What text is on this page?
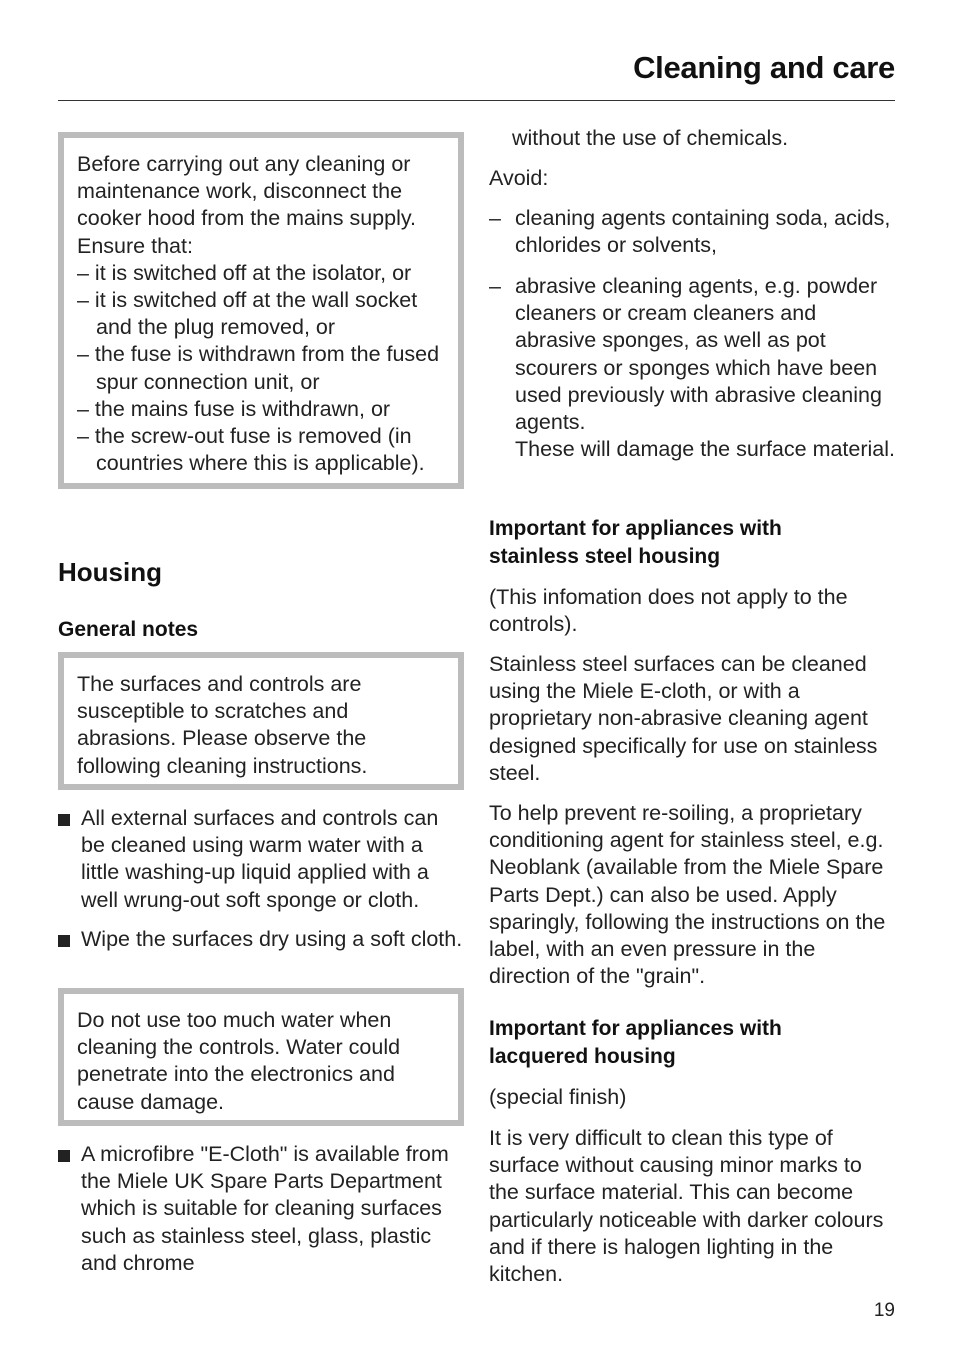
Cleaning and care
Before carrying out any cleaning or maintenance work, disconnect the cooker hood from the mains supply.
Ensure that:
– it is switched off at the isolator, or
– it is switched off at the wall socket and the plug removed, or
– the fuse is withdrawn from the fused spur connection unit, or
– the mains fuse is withdrawn, or
– the screw-out fuse is removed (in countries where this is applicable).
Housing
General notes
The surfaces and controls are susceptible to scratches and abrasions. Please observe the following cleaning instructions.
All external surfaces and controls can be cleaned using warm water with a little washing-up liquid applied with a well wrung-out soft sponge or cloth.
Wipe the surfaces dry using a soft cloth.
Do not use too much water when cleaning the controls. Water could penetrate into the electronics and cause damage.
A microfibre "E-Cloth" is available from the Miele UK Spare Parts Department which is suitable for cleaning surfaces such as stainless steel, glass, plastic and chrome
without the use of chemicals.
Avoid:
– cleaning agents containing soda, acids, chlorides or solvents,
– abrasive cleaning agents, e.g. powder cleaners or cream cleaners and abrasive sponges, as well as pot scourers or sponges which have been used previously with abrasive cleaning agents.
These will damage the surface material.
Important for appliances with stainless steel housing
(This infomation does not apply to the controls).
Stainless steel surfaces can be cleaned using the Miele E-cloth, or with a proprietary non-abrasive cleaning agent designed specifically for use on stainless steel.
To help prevent re-soiling, a proprietary conditioning agent for stainless steel, e.g. Neoblank (available from the Miele Spare Parts Dept.) can also be used. Apply sparingly, following the instructions on the label, with an even pressure in the direction of the "grain".
Important for appliances with lacquered housing
(special finish)
It is very difficult to clean this type of surface without causing minor marks to the surface material. This can become particularly noticeable with darker colours and if there is halogen lighting in the kitchen.
19
